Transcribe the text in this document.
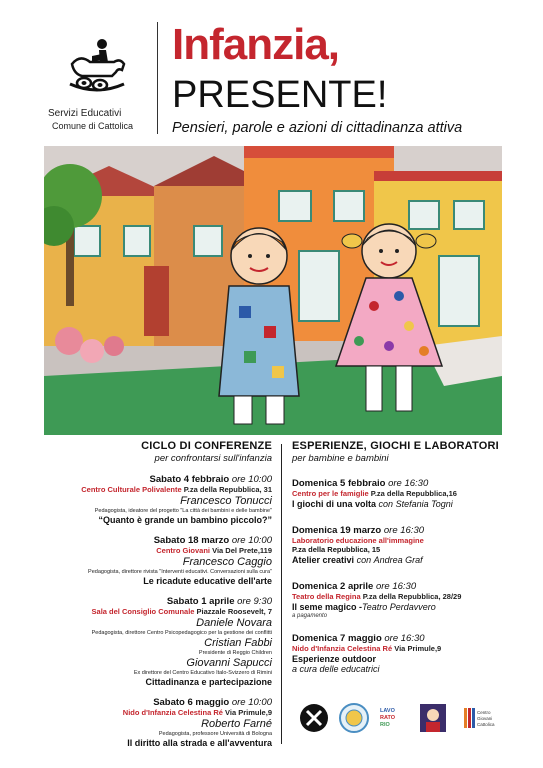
Servizi Educativi
Comune di Cattolica
Infanzia,
PRESENTE!
Pensieri, parole e azioni di cittadinanza attiva
CICLO DI CONFERENZE
per confrontarsi sull'infanzia
Sabato 4 febbraio ore 10:00
Centro Culturale Polivalente P.za della Repubblica, 31
Francesco Tonucci
Pedagogista, ideatore del progetto "La città dei bambini e delle bambine"
“Quanto è grande un bambino piccolo?”
Sabato 18 marzo ore 10:00
Centro Giovani Via Del Prete,119
Francesco Caggio
Pedagogista, direttore rivista "Interventi educativi. Conversazioni sulla cura"
Le ricadute educative dell'arte
Sabato 1 aprile ore 9:30
Sala del Consiglio Comunale Piazzale Roosevelt, 7
Daniele Novara
Pedagogista, direttore Centro Psicopedagogico per la gestione dei conflitti
Cristian Fabbi
Presidente di Reggio Children
Giovanni Sapucci
Ex direttore del Centro Educativo Italo-Svizzero di Rimini
Cittadinanza e partecipazione
Sabato 6 maggio ore 10:00
Nido d'Infanzia Celestina Ré Via Primule,9
Roberto Farné
Pedagogista, professore Università di Bologna
Il diritto alla strada e all'avventura
ESPERIENZE, GIOCHI E LABORATORI
per bambine e bambini
Domenica 5 febbraio ore 16:30
Centro per le famiglie P.za della Repubblica,16
I giochi di una volta con Stefania Togni
Domenica 19 marzo ore 16:30
Laboratorio educazione all'immagine
P.za della Repubblica, 15
Atelier creativi con Andrea Graf
Domenica 2 aprile ore 16:30
Teatro della Regina P.za della Repubblica, 28/29
Il seme magico -Teatro Perdavvero
a pagamento
Domenica 7 maggio ore 16:30
Nido d'Infanzia Celestina Ré Via Primule,9
Esperienze outdoor
a cura delle educatrici
LAVO
RATO
RIO
Centro
Giovani
Cattolica
